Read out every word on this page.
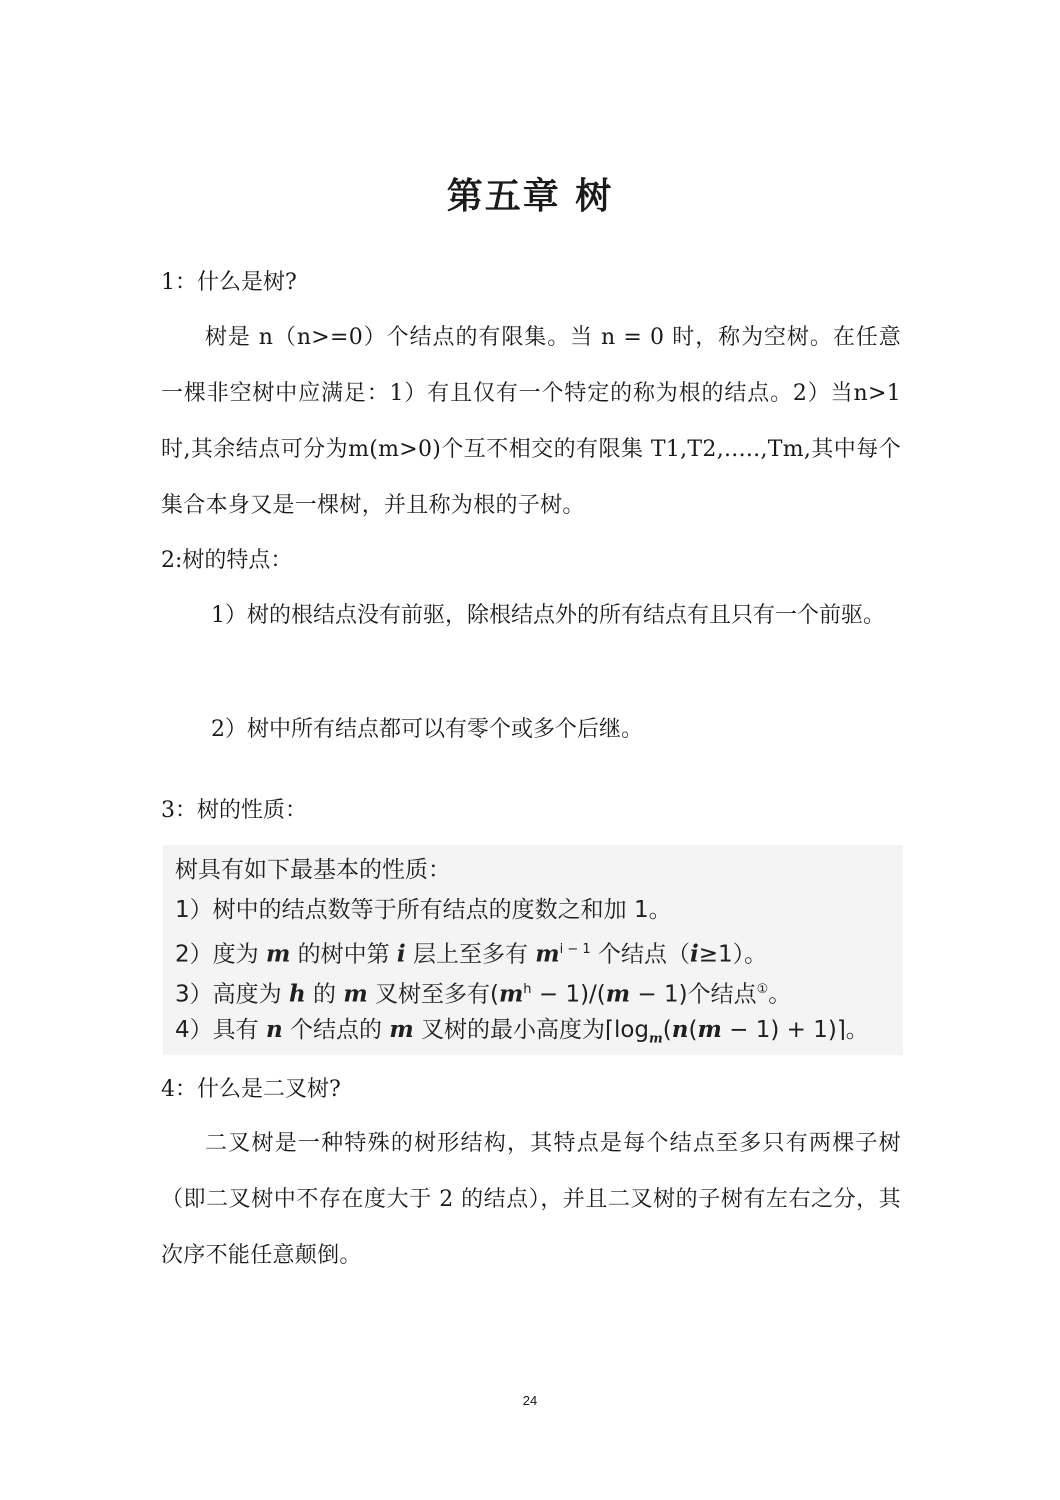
第五章 树
1：什么是树?
树是 n（n>=0）个结点的有限集。当 n = 0 时，称为空树。在任意一棵非空树中应满足：1）有且仅有一个特定的称为根的结点。2）当n>1 时,其余结点可分为m(m>0)个互不相交的有限集 T1,T2,.....,Tm,其中每个集合本身又是一棵树，并且称为根的子树。
2:树的特点：
1）树的根结点没有前驱，除根结点外的所有结点有且只有一个前驱。
2）树中所有结点都可以有零个或多个后继。
3：树的性质：
树具有如下最基本的性质：
1）树中的结点数等于所有结点的度数之和加 1。
2）度为 m 的树中第 i 层上至多有 $m^{i - 1}$ 个结点（i≥1）。
3）高度为 h 的 m 叉树至多有$(m^h - 1)/(m - 1)$个结点①。
4）具有 n 个结点的 m 叉树的最小高度为$⌈\log_m(n(m - 1)$ + 1)⌉。
4：什么是二叉树?
二叉树是一种特殊的树形结构，其特点是每个结点至多只有两棵子树（即二叉树中不存在度大于 2 的结点），并且二叉树的子树有左右之分，其次序不能任意颠倒。
24
